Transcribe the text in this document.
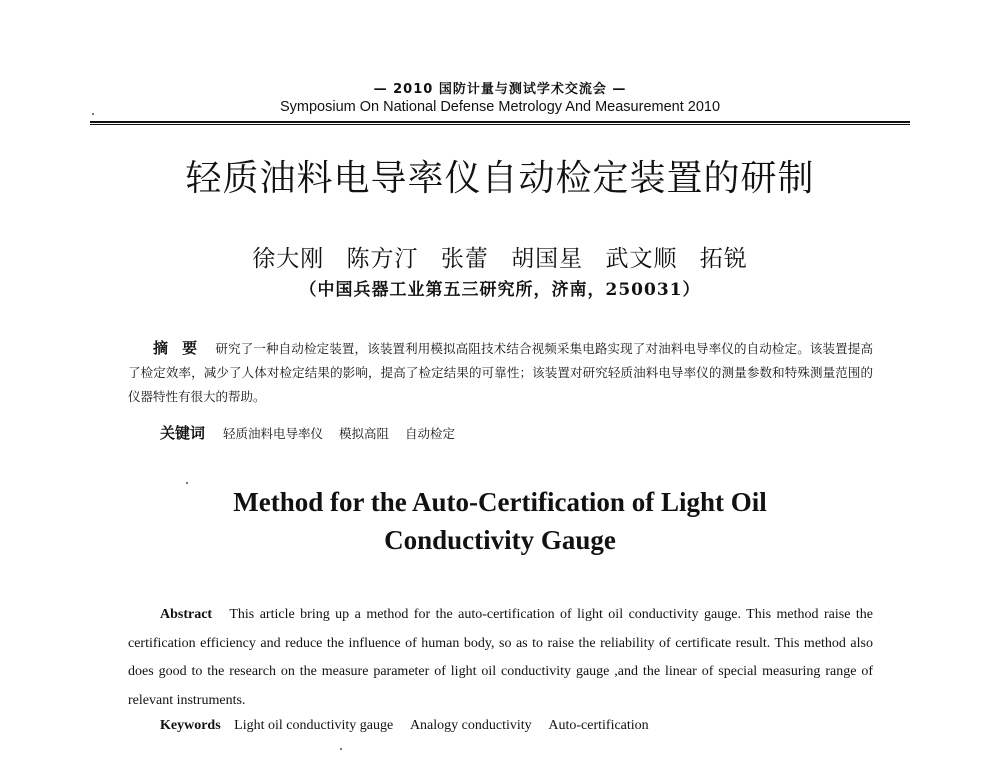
— 2010 国防计量与测试学术交流会 —
Symposium On National Defense Metrology And Measurement 2010
轻质油料电导率仪自动检定装置的研制
徐大刚 陈方汀 张蕾 胡国星 武文顺 拓锐
（中国兵器工业第五三研究所，济南，250031）
摘要 研究了一种自动检定装置，该装置利用模拟高阻技术结合视频采集电路实现了对油料电导率仪的自动检定。该装置提高了检定效率，减少了人体对检定结果的影响，提高了检定结果的可靠性；该装置对研究轻质油料电导率仪的测量参数和特殊测量范围的仪器特性有很大的帮助。
关键词 轻质油料电导率仪 模拟高阻 自动检定
Method for the Auto-Certification of Light Oil
Conductivity Gauge
Abstract This article bring up a method for the auto-certification of light oil conductivity gauge. This method raise the certification efficiency and reduce the influence of human body, so as to raise the reliability of certificate result. This method also does good to the research on the measure parameter of light oil conductivity gauge ,and the linear of special measuring range of relevant instruments.
Keywords Light oil conductivity gauge Analogy conductivity Auto-certification
